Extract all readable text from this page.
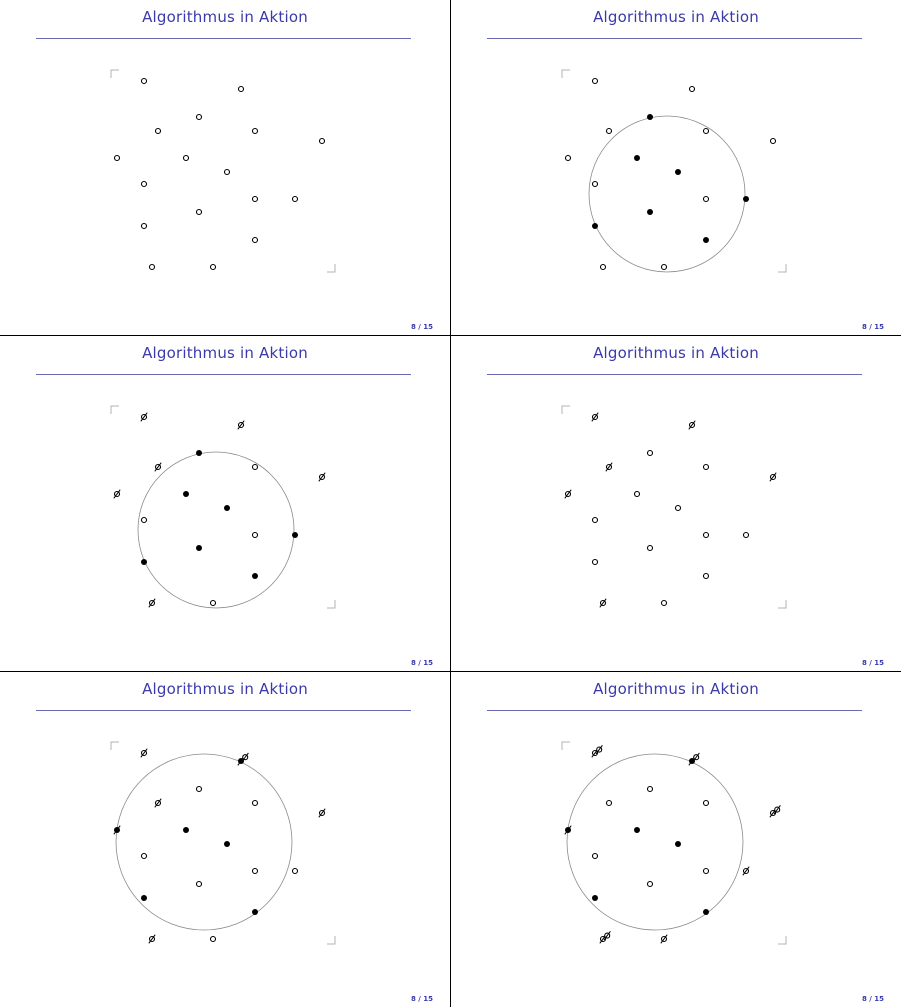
Algorithmus in Aktion
8 / 15
Algorithmus in Aktion
8 / 15
Algorithmus in Aktion
8 / 15
Algorithmus in Aktion
8 / 15
Algorithmus in Aktion
8 / 15
Algorithmus in Aktion
8 / 15
